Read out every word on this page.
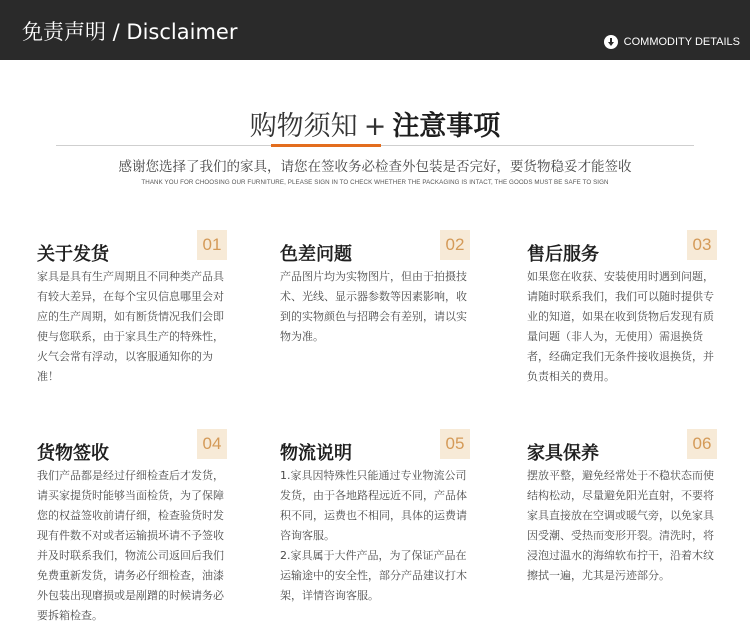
免责声明 / Disclaimer	COMMODITY DETAILS
购物须知 + 注意事项
感谢您选择了我们的家具，请您在签收务必检查外包装是否完好，要货物稳妥才能签收
THANK YOU FOR CHOOSING OUR FURNITURE, PLEASE SIGN IN TO CHECK WHETHER THE PACKAGING IS INTACT, THE GOODS MUST BE SAFE TO SIGN
关于发货	01
家具是具有生产周期且不同种类产品具有较大差异，在每个宝贝信息哪里会对应的生产周期，如有断货情况我们会即使与您联系，由于家具生产的特殊性，火气会常有浮动，以客服通知你的为准！
色差问题	02
产品图片均为实物图片，但由于拍摄技术、光线、显示器参数等因素影响，收到的实物颜色与招聘会有差别，请以实物为准。
售后服务	03
如果您在收获、安装使用时遇到问题，请随时联系我们，我们可以随时提供专业的知道，如果在收到货物后发现有质量问题（非人为，无使用）需退换货者，经确定我们无条件接收退换货，并负责相关的费用。
货物签收	04
我们产品都是经过仔细检查后才发货，请买家提货时能够当面检货，为了保障您的权益签收前请仔细，检查验货时发现有件数不对或者运输损坏请不予签收并及时联系我们，物流公司返回后我们免费重新发货，请务必仔细检查，油漆外包装出现磨损或是剐蹭的时候请务必要拆箱检查。
物流说明	05
1.家具因特殊性只能通过专业物流公司发货，由于各地路程远近不同，产品体积不同，运费也不相同，具体的运费请咨询客服。
2.家具属于大件产品，为了保证产品在运输途中的安全性，部分产品建议打木架，详情咨询客服。
家具保养	06
摆放平整，避免经常处于不稳状态而使结构松动，尽量避免阳光直射，不要将家具直接放在空调或暖气旁，以免家具因受潮、受热而变形开裂。清洗时，将浸泡过温水的海绵软布拧干，沿着木纹擦拭一遍，尤其是污迹部分。
